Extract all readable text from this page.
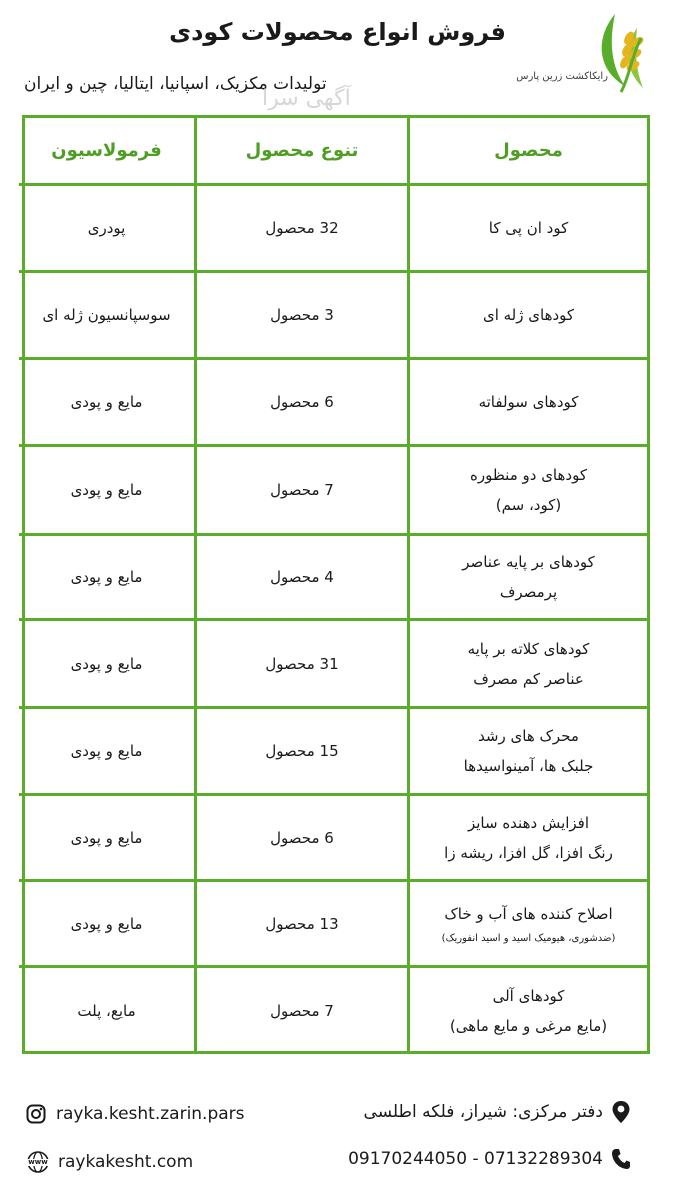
رایکاکشت زرین پارس
فروش انواع محصولات کودی
تولیدات مکزیک، اسپانیا، ایتالیا، چین و ایران
آگهی سرا
محصول
تنوع محصول
فرمولاسیون
کود ان پی کا
32 محصول
پودری
کودهای ژله ای
3 محصول
سوسپانسیون ژله ای
کودهای سولفاته
6 محصول
مایع و پودی
کودهای دو منظوره
(کود، سم)
7 محصول
مایع و پودی
کودهای بر پایه عناصر
پرمصرف
4 محصول
مایع و پودی
کودهای کلاته بر پایه
عناصر کم مصرف
31 محصول
مایع و پودی
محرک های رشد
جلبک ها، آمینواسیدها
15 محصول
مایع و پودی
افزایش دهنده سایز
رنگ افزا، گل افزا، ریشه زا
6 محصول
مایع و پودی
اصلاح کننده های آب و خاک
(ضدشوری، هیومیک اسید و اسید انفوریک)
13 محصول
مایع و پودی
کودهای آلی
(مایع مرغی و مایع ماهی)
7 محصول
مایع، پلت
دفتر مرکزی: شیراز، فلکه اطلسی
07132289304 - 09170244050
rayka.kesht.zarin.pars
www raykakesht.com
